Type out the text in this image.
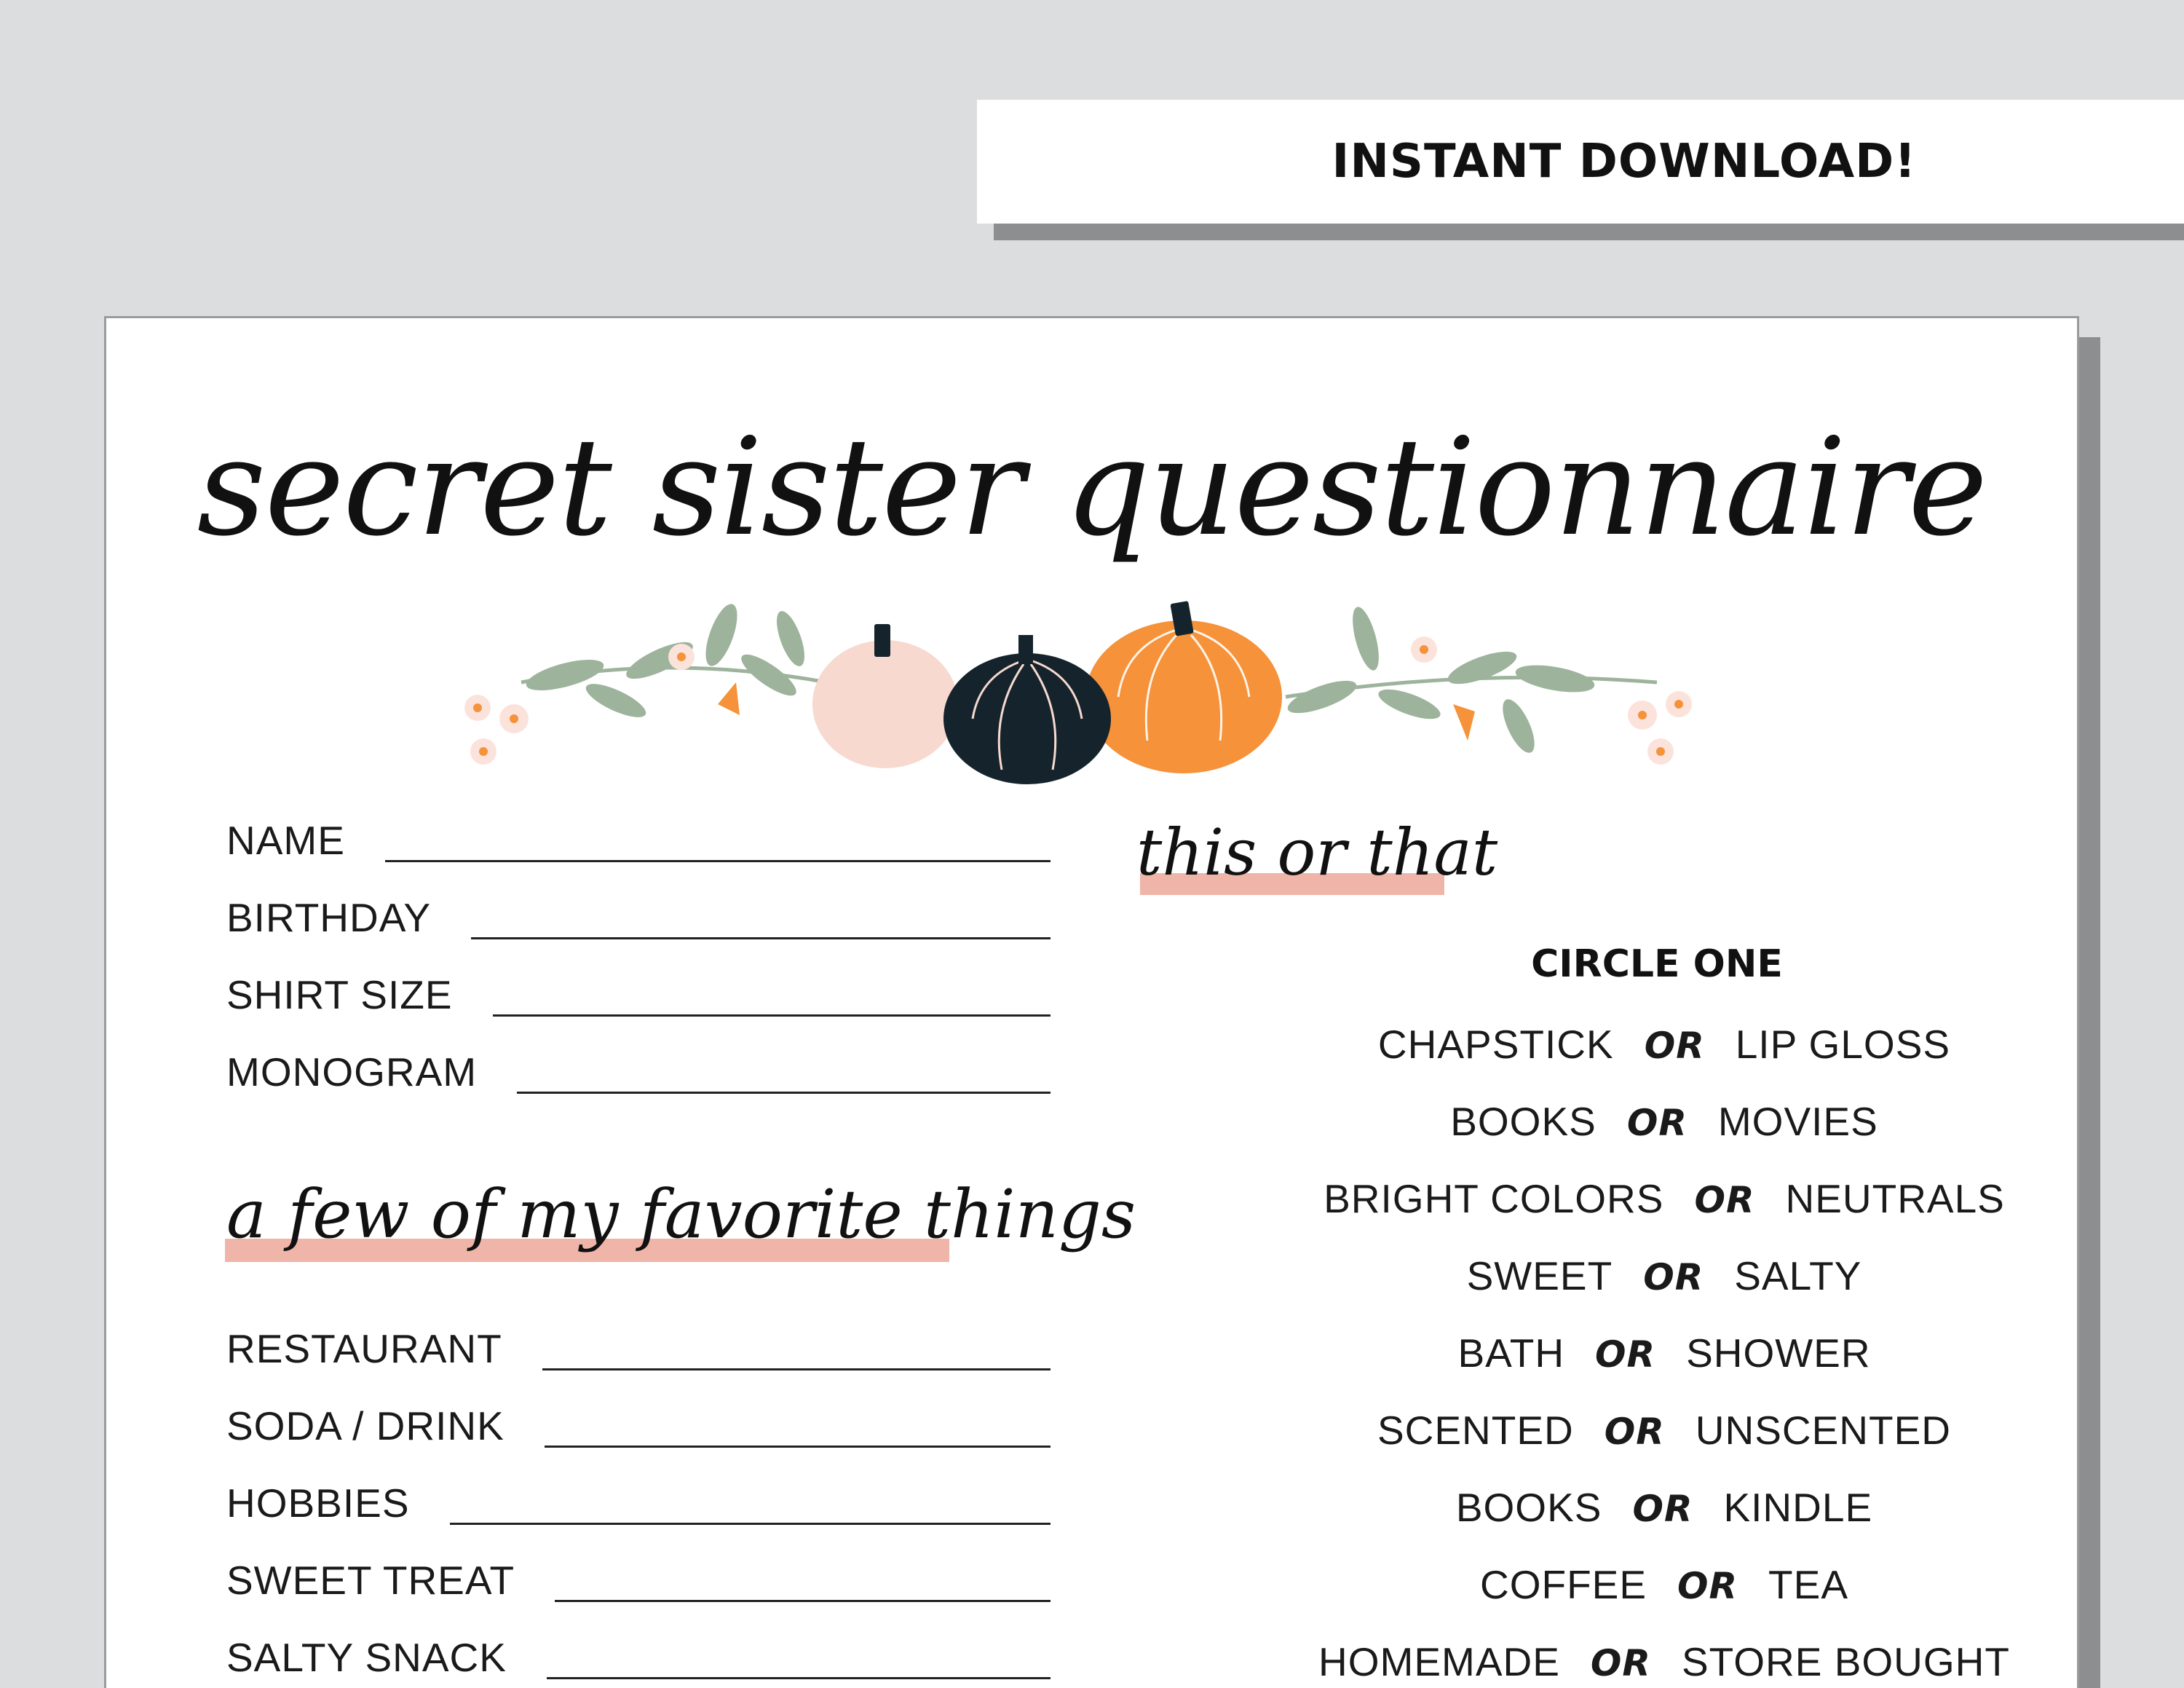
INSTANT DOWNLOAD!
secret sister questionnaire
NAME
BIRTHDAY
SHIRT SIZE
MONOGRAM
a few of my favorite things
RESTAURANT
SODA / DRINK
HOBBIES
SWEET TREAT
SALTY SNACK
this or that
CIRCLE ONE
CHAPSTICK OR LIP GLOSS
BOOKS OR MOVIES
BRIGHT COLORS OR NEUTRALS
SWEET OR SALTY
BATH OR SHOWER
SCENTED OR UNSCENTED
BOOKS OR KINDLE
COFFEE OR TEA
HOMEMADE OR STORE BOUGHT
